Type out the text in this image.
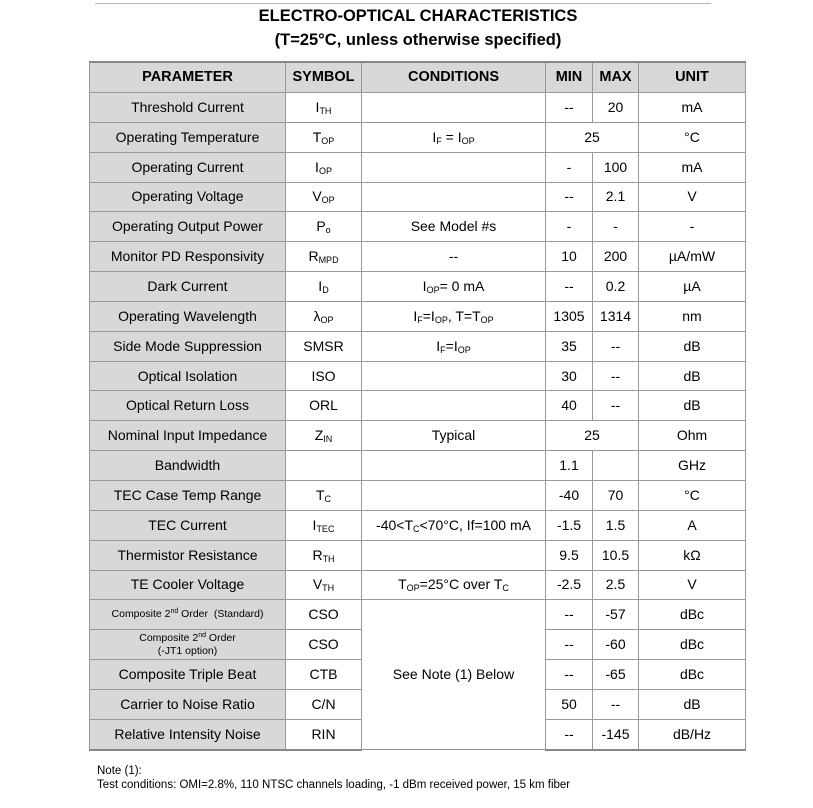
ELECTRO-OPTICAL CHARACTERISTICS
(T=25°C, unless otherwise specified)
PARAMETER	SYMBOL	CONDITIONS	MIN	MAX	UNIT
Threshold Current	$I_{TH}$		--	20	mA
Operating Temperature	$T_{OP}$	$I_F = I_{OP}$	25		°C
Operating Current	$I_{OP}$		-	100	mA
Operating Voltage	$V_{OP}$		--	2.1	V
Operating Output Power	$P_o$	See Model #s	-	-	-
Monitor PD Responsivity	$R_{MPD}$	--	10	200	µA/mW
Dark Current	$I_D$	$I_{OP}= 0$ mA	--	0.2	µA
Operating Wavelength	$\lambda_{OP}$	$I_F=I_{OP}$, $T=T_{OP}$	1305	1314	nm
Side Mode Suppression	SMSR	$I_F=I_{OP}$	35	--	dB
Optical Isolation	ISO		30	--	dB
Optical Return Loss	ORL		40	--	dB
Nominal Input Impedance	$Z_{IN}$	Typical	25		Ohm
Bandwidth			1.1		GHz
TEC Case Temp Range	$T_C$		-40	70	°C
TEC Current	$I_{TEC}$	$-40<T_C<70^\circ C$, If=100 mA	-1.5	1.5	A
Thermistor Resistance	$R_{TH}$		9.5	10.5	kΩ
TE Cooler Voltage	$V_{TH}$	$T_{OP}=25^\circ C$ over $T_C$	-2.5	2.5	V
Composite 2nd Order  (Standard)	CSO	See Note (1) Below	--	-57	dBc
Composite 2nd Order
(-JT1 option)	CSO		--	-60	dBc
Composite Triple Beat	CTB		--	-65	dBc
Carrier to Noise Ratio	C/N		50	--	dB
Relative Intensity Noise	RIN		--	-145	dB/Hz
Note (1):
Test conditions: OMI=2.8%, 110 NTSC channels loading, -1 dBm received power, 15 km fiber
